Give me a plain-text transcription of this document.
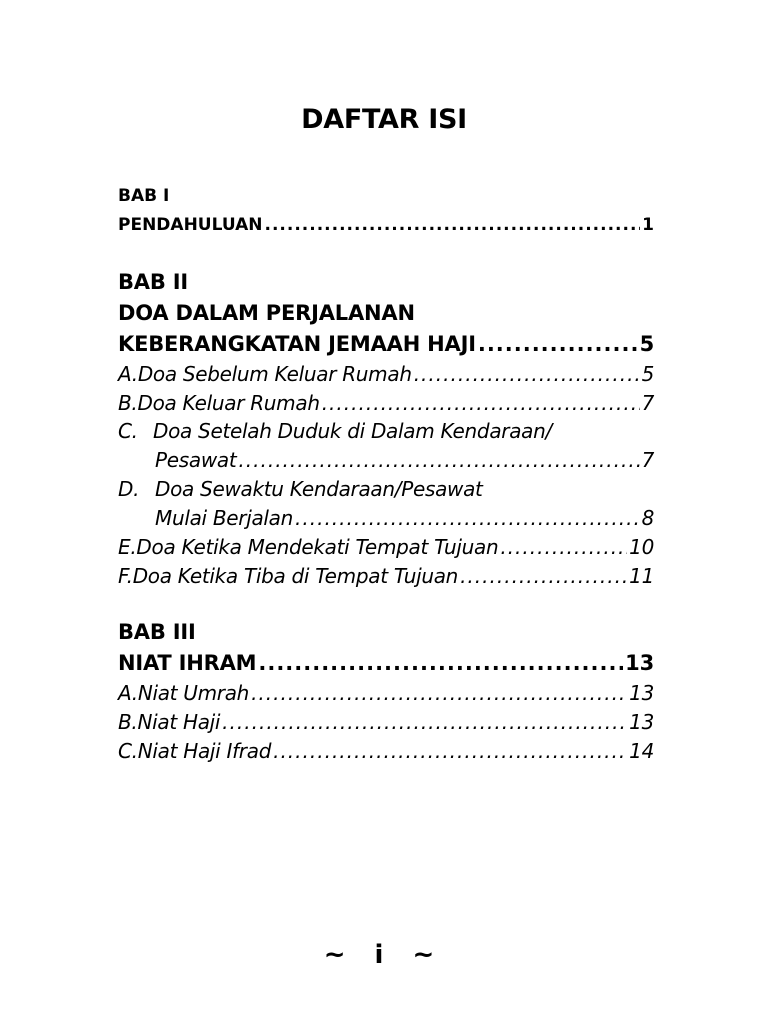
DAFTAR ISI
BAB I
PENDAHULUAN .....	1
BAB II
DOA DALAM PERJALANAN
KEBERANGKATAN JEMAAH HAJI .....	5
A. Doa Sebelum Keluar Rumah .....	5
B. Doa Keluar Rumah .....	7
C. Doa Setelah Duduk di Dalam Kendaraan/
Pesawat .....	7
D. Doa Sewaktu Kendaraan/Pesawat
Mulai Berjalan .....	8
E. Doa Ketika Mendekati Tempat Tujuan .....	10
F. Doa Ketika Tiba di Tempat Tujuan .....	11
BAB III
NIAT IHRAM .....	13
A. Niat Umrah .....	13
B. Niat Haji .....	13
C. Niat Haji Ifrad .....	14
~ i ~
